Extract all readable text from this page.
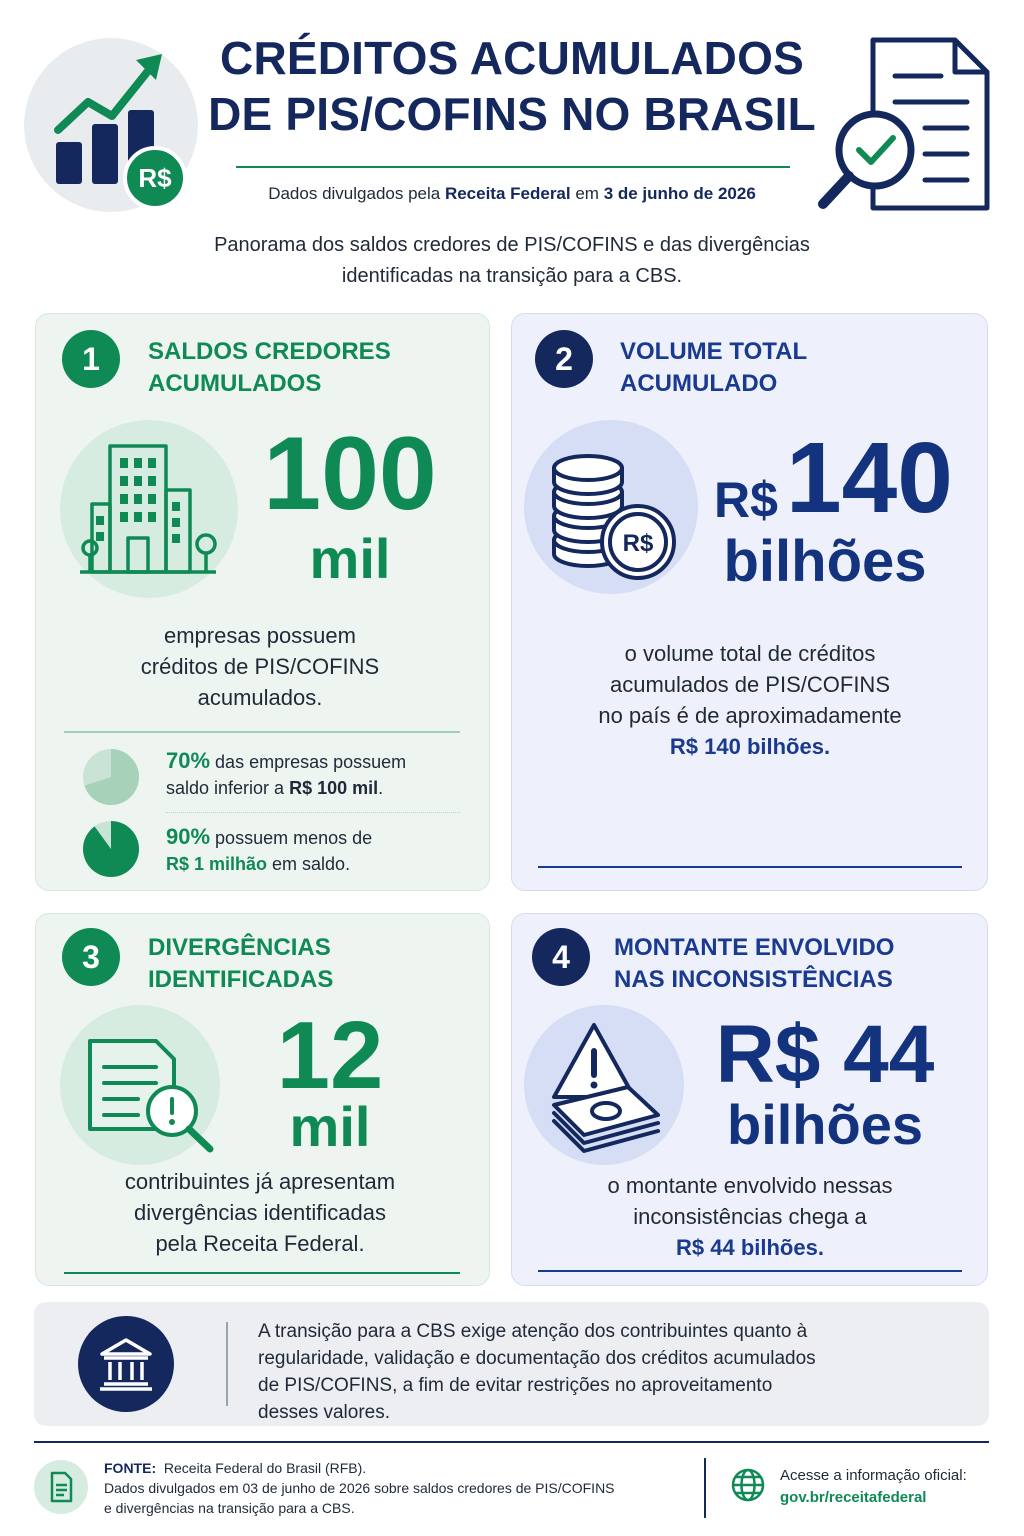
R$
CRÉDITOS ACUMULADOS
DE PIS/COFINS NO BRASIL
Dados divulgados pela Receita Federal em 3 de junho de 2026
Panorama dos saldos credores de PIS/COFINS e das divergências
identificadas na transição para a CBS.
1	SALDOS CREDORES
ACUMULADOS
100
mil
empresas possuem
créditos de PIS/COFINS
acumulados.
70% das empresas possuem
saldo inferior a R$ 100 mil.
90% possuem menos de
R$ 1 milhão em saldo.
2	VOLUME TOTAL
ACUMULADO
R$
R$ 140
bilhões
o volume total de créditos
acumulados de PIS/COFINS
no país é de aproximadamente
R$ 140 bilhões.
3	DIVERGÊNCIAS
IDENTIFICADAS
12
mil
contribuintes já apresentam
divergências identificadas
pela Receita Federal.
4	MONTANTE ENVOLVIDO
NAS INCONSISTÊNCIAS
R$ 44
bilhões
o montante envolvido nessas
inconsistências chega a
R$ 44 bilhões.
A transição para a CBS exige atenção dos contribuintes quanto à
regularidade, validação e documentação dos créditos acumulados
de PIS/COFINS, a fim de evitar restrições no aproveitamento
desses valores.
FONTE: Receita Federal do Brasil (RFB).
Dados divulgados em 03 de junho de 2026 sobre saldos credores de PIS/COFINS
e divergências na transição para a CBS.
Acesse a informação oficial:
gov.br/receitafederal
